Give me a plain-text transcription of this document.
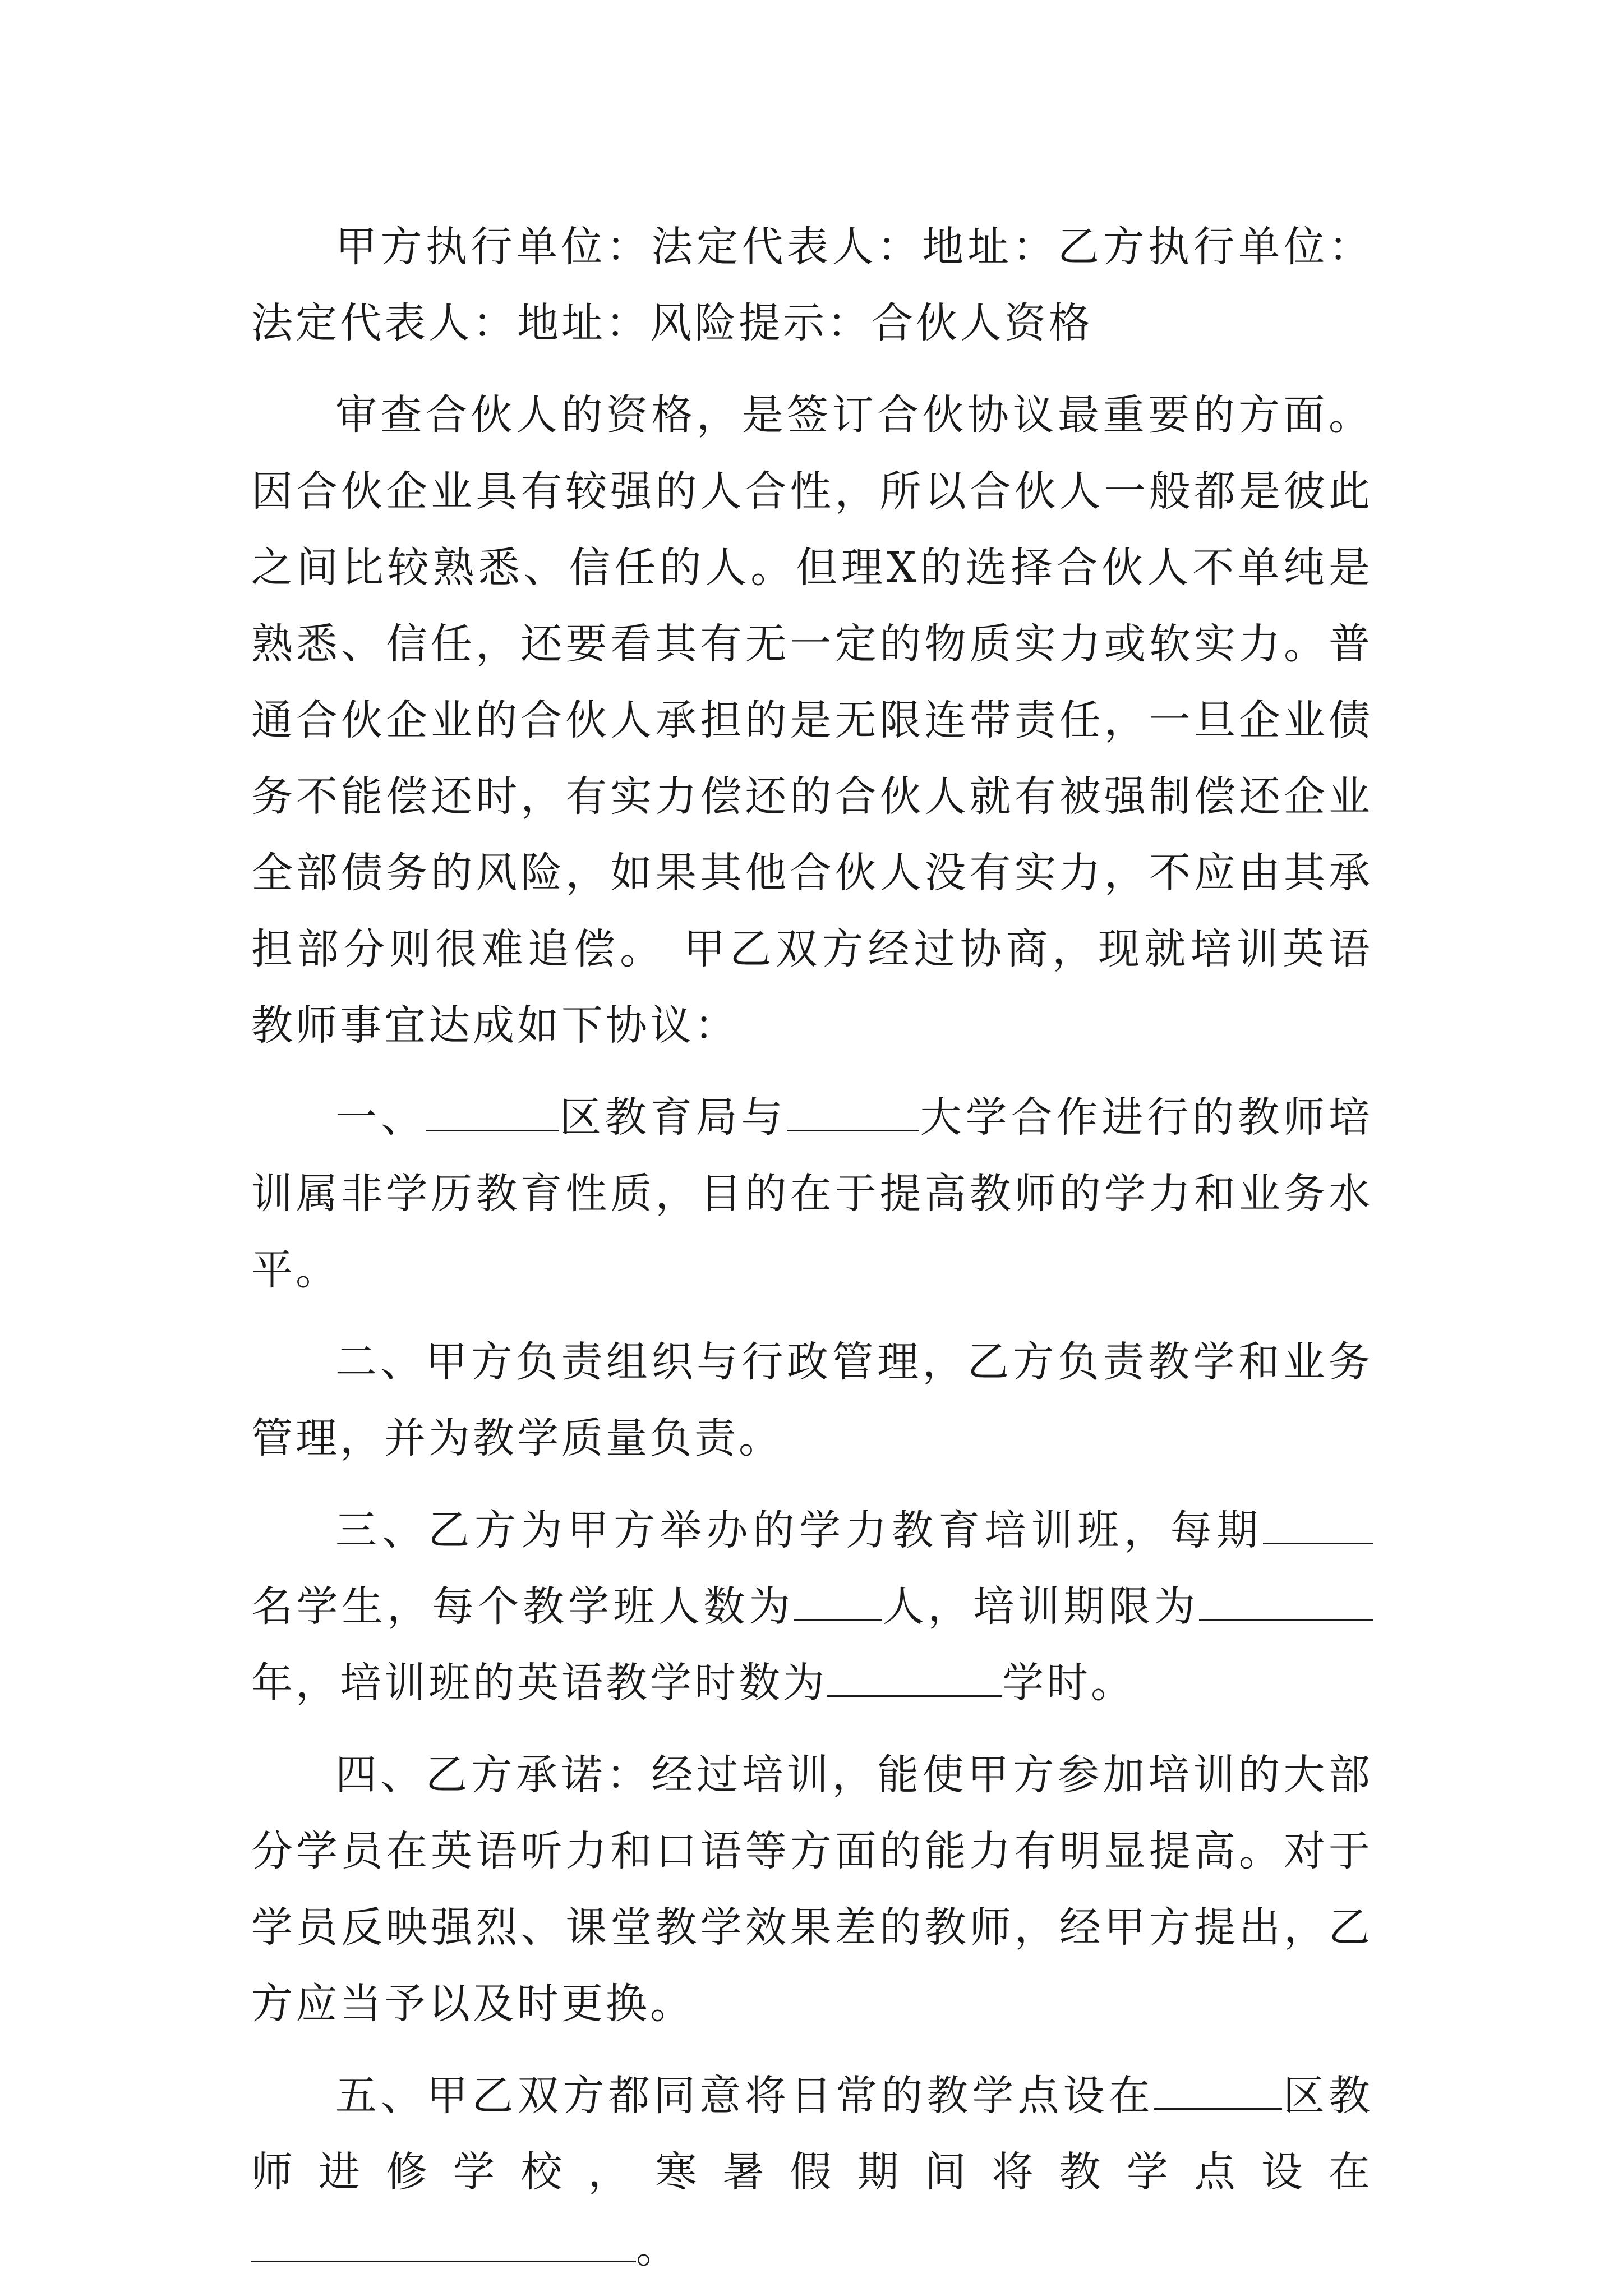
甲方执行单位：法定代表人：地址：乙方执行单位：法定代表人：地址：风险提示：合伙人资格

审查合伙人的资格，是签订合伙协议最重要的方面。因合伙企业具有较强的人合性，所以合伙人一般都是彼此之间比较熟悉、信任的人。但理X的选择合伙人不单纯是熟悉、信任，还要看其有无一定的物质实力或软实力。普通合伙企业的合伙人承担的是无限连带责任，一旦企业债务不能偿还时，有实力偿还的合伙人就有被强制偿还企业全部债务的风险，如果其他合伙人没有实力，不应由其承担部分则很难追偿。 甲乙双方经过协商，现就培训英语教师事宜达成如下协议：

一、	区教育局与	大学合作进行的教师培训属非学历教育性质，目的在于提高教师的学力和业务水平。

二、甲方负责组织与行政管理，乙方负责教学和业务管理，并为教学质量负责。

三、乙方为甲方举办的学力教育培训班，每期名学生，每个教学班人数为 人，培训期限为年，培训班的英语教学时数为	学时。

四、乙方承诺：经过培训，能使甲方参加培训的大部分学员在英语听力和口语等方面的能力有明显提高。对于学员反映强烈、课堂教学效果差的教师，经甲方提出，乙方应当予以及时更换。

五、甲乙双方都同意将日常的教学点设在	区教师进修学校，寒暑假期间将教学点设在。
